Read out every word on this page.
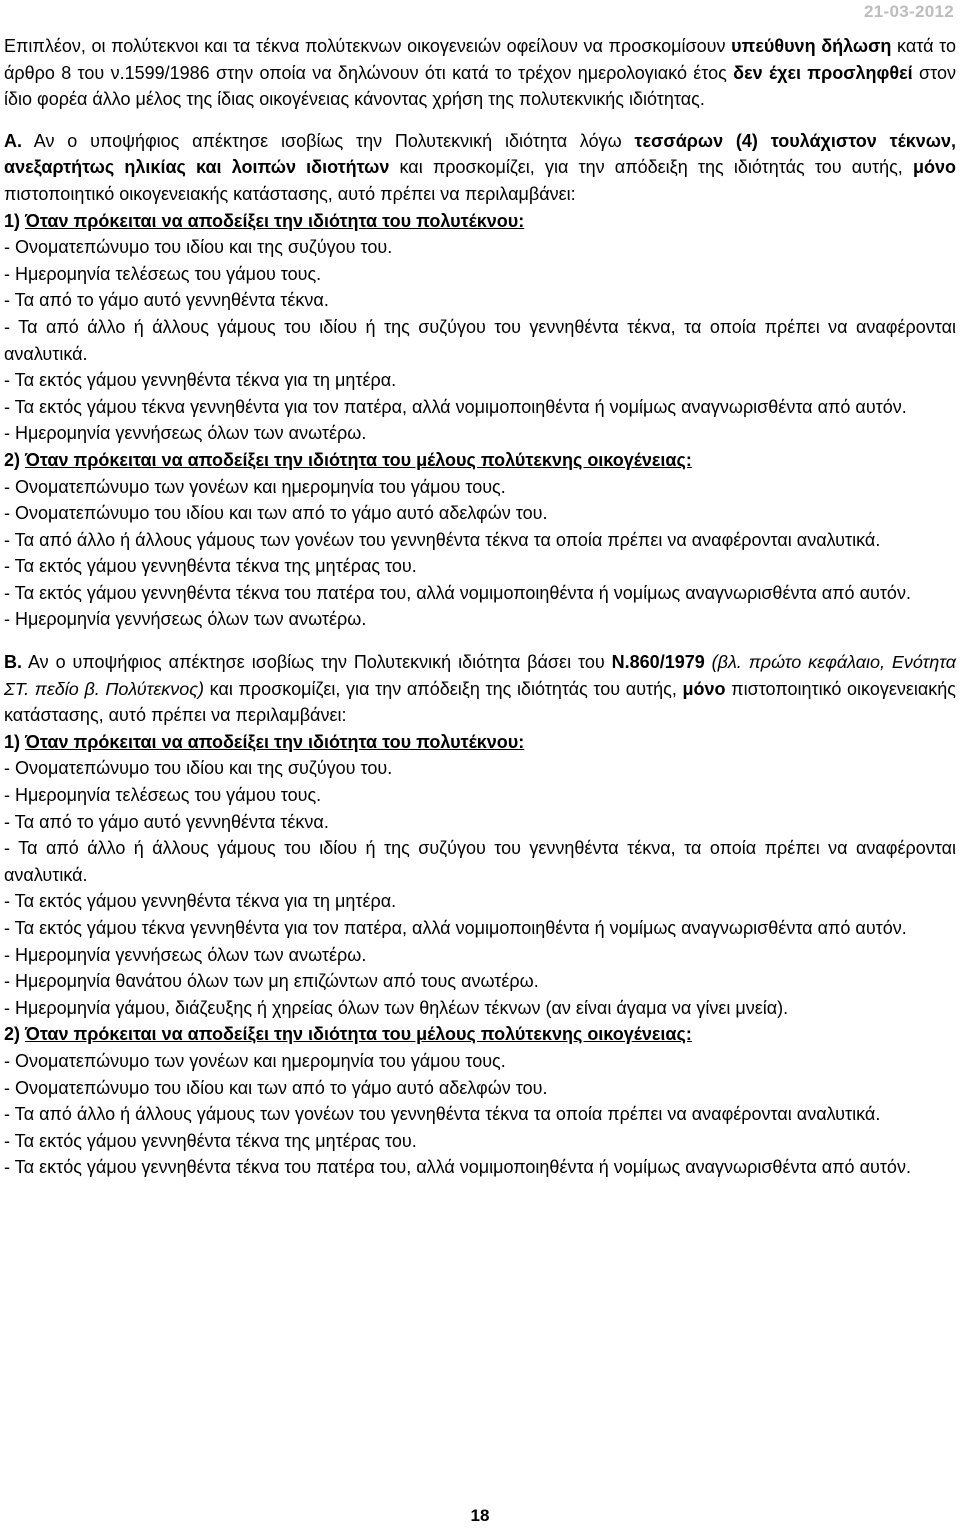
21-03-2012

Επιπλέον, οι πολύτεκνοι και τα τέκνα πολύτεκνων οικογενειών οφείλουν να προσκομίσουν υπεύθυνη δήλωση κατά το άρθρο 8 του ν.1599/1986 στην οποία να δηλώνουν ότι κατά το τρέχον ημερολογιακό έτος δεν έχει προσληφθεί στον ίδιο φορέα άλλο μέλος της ίδιας οικογένειας κάνοντας χρήση της πολυτεκνικής ιδιότητας.

Α. Αν ο υποψήφιος απέκτησε ισοβίως την Πολυτεκνική ιδιότητα λόγω τεσσάρων (4) τουλάχιστον τέκνων, ανεξαρτήτως ηλικίας και λοιπών ιδιοτήτων και προσκομίζει, για την απόδειξη της ιδιότητάς του αυτής, μόνο πιστοποιητικό οικογενειακής κατάστασης, αυτό πρέπει να περιλαμβάνει:

1) Όταν πρόκειται να αποδείξει την ιδιότητα του πολυτέκνου:

- Ονοματεπώνυμο του ιδίου και της συζύγου του.

- Ημερομηνία τελέσεως του γάμου τους.

- Τα από το γάμο αυτό γεννηθέντα τέκνα.

- Τα από άλλο ή άλλους γάμους του ιδίου ή της συζύγου του γεννηθέντα τέκνα, τα οποία πρέπει να αναφέρονται αναλυτικά.

- Τα εκτός γάμου γεννηθέντα τέκνα για τη μητέρα.

- Τα εκτός γάμου τέκνα γεννηθέντα για τον πατέρα, αλλά νομιμοποιηθέντα ή νομίμως αναγνωρισθέντα από αυτόν.

- Ημερομηνία γεννήσεως όλων των ανωτέρω.

2) Όταν πρόκειται να αποδείξει την ιδιότητα του μέλους πολύτεκνης οικογένειας:

- Ονοματεπώνυμο των γονέων και ημερομηνία του γάμου τους.

- Ονοματεπώνυμο του ιδίου και των από το γάμο αυτό αδελφών του.

- Τα από άλλο ή άλλους γάμους των γονέων του γεννηθέντα τέκνα τα οποία πρέπει να αναφέρονται αναλυτικά.

- Τα εκτός γάμου γεννηθέντα τέκνα της μητέρας του.

- Τα εκτός γάμου γεννηθέντα τέκνα του πατέρα του, αλλά νομιμοποιηθέντα ή νομίμως αναγνωρισθέντα από αυτόν.

- Ημερομηνία γεννήσεως όλων των ανωτέρω.

Β. Αν ο υποψήφιος απέκτησε ισοβίως την Πολυτεκνική ιδιότητα βάσει του Ν.860/1979 (βλ. πρώτο κεφάλαιο, Ενότητα ΣΤ. πεδίο β. Πολύτεκνος) και προσκομίζει, για την απόδειξη της ιδιότητάς του αυτής, μόνο πιστοποιητικό οικογενειακής κατάστασης, αυτό πρέπει να περιλαμβάνει:

1) Όταν πρόκειται να αποδείξει την ιδιότητα του πολυτέκνου:

- Ονοματεπώνυμο του ιδίου και της συζύγου του.

- Ημερομηνία τελέσεως του γάμου τους.

- Τα από το γάμο αυτό γεννηθέντα τέκνα.

- Τα από άλλο ή άλλους γάμους του ιδίου ή της συζύγου του γεννηθέντα τέκνα, τα οποία πρέπει να αναφέρονται αναλυτικά.

- Τα εκτός γάμου γεννηθέντα τέκνα για τη μητέρα.

- Τα εκτός γάμου τέκνα γεννηθέντα για τον πατέρα, αλλά νομιμοποιηθέντα ή νομίμως αναγνωρισθέντα από αυτόν.

- Ημερομηνία γεννήσεως όλων των ανωτέρω.

- Ημερομηνία θανάτου όλων των μη επιζώντων από τους ανωτέρω.

- Ημερομηνία γάμου, διάζευξης ή χηρείας όλων των θηλέων τέκνων (αν είναι άγαμα να γίνει μνεία).

2) Όταν πρόκειται να αποδείξει την ιδιότητα του μέλους πολύτεκνης οικογένειας:

- Ονοματεπώνυμο των γονέων και ημερομηνία του γάμου τους.

- Ονοματεπώνυμο του ιδίου και των από το γάμο αυτό αδελφών του.

- Τα από άλλο ή άλλους γάμους των γονέων του γεννηθέντα τέκνα τα οποία πρέπει να αναφέρονται αναλυτικά.

- Τα εκτός γάμου γεννηθέντα τέκνα της μητέρας του.

- Τα εκτός γάμου γεννηθέντα τέκνα του πατέρα του, αλλά νομιμοποιηθέντα ή νομίμως αναγνωρισθέντα από αυτόν.

18
